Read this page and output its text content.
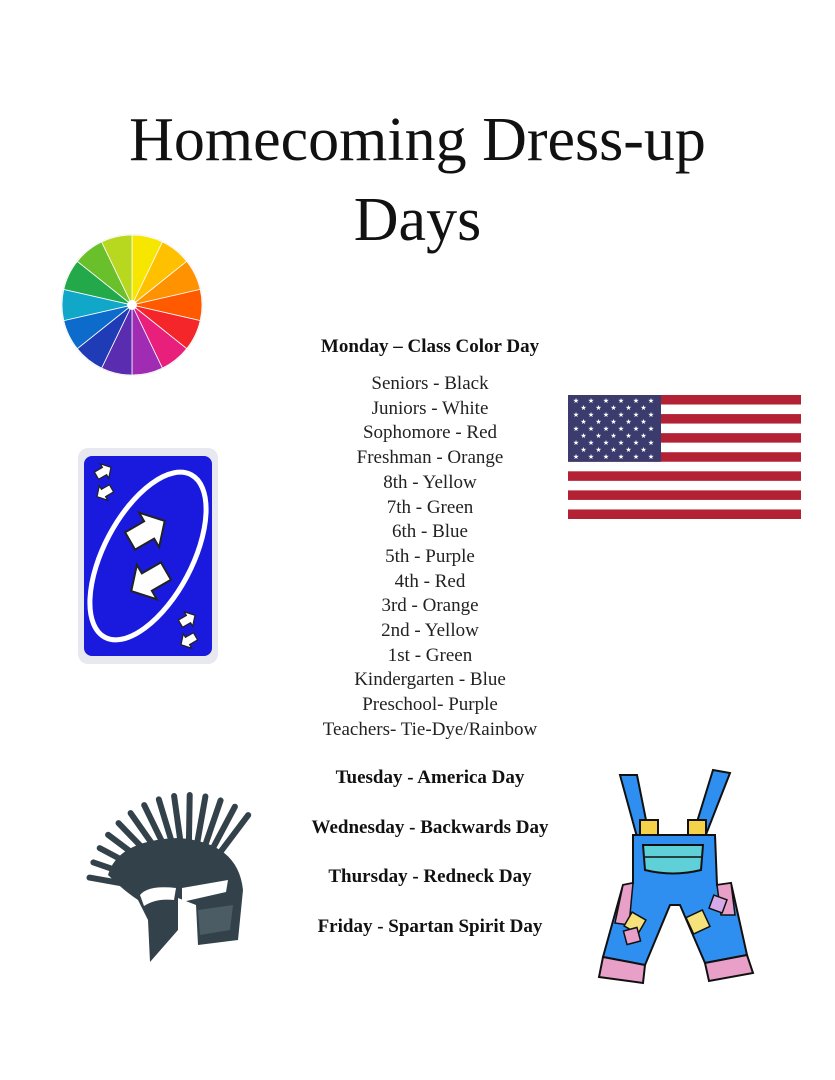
Homecoming Dress-up
Days
★ ★ ★ ★ ★ ★
★ ★ ★ ★ ★
★ ★ ★ ★ ★ ★
★ ★ ★ ★ ★
★ ★ ★ ★ ★ ★
★ ★ ★ ★ ★
★ ★ ★ ★ ★ ★
★ ★ ★ ★ ★
★ ★ ★ ★ ★ ★
Monday – Class Color Day
Seniors - Black
Juniors - White
Sophomore - Red
Freshman - Orange
8th - Yellow
7th - Green
6th - Blue
5th - Purple
4th - Red
3rd - Orange
2nd - Yellow
1st - Green
Kindergarten - Blue
Preschool- Purple
Teachers- Tie-Dye/Rainbow
Tuesday - America Day
Wednesday - Backwards Day
Thursday - Redneck Day
Friday - Spartan Spirit Day
